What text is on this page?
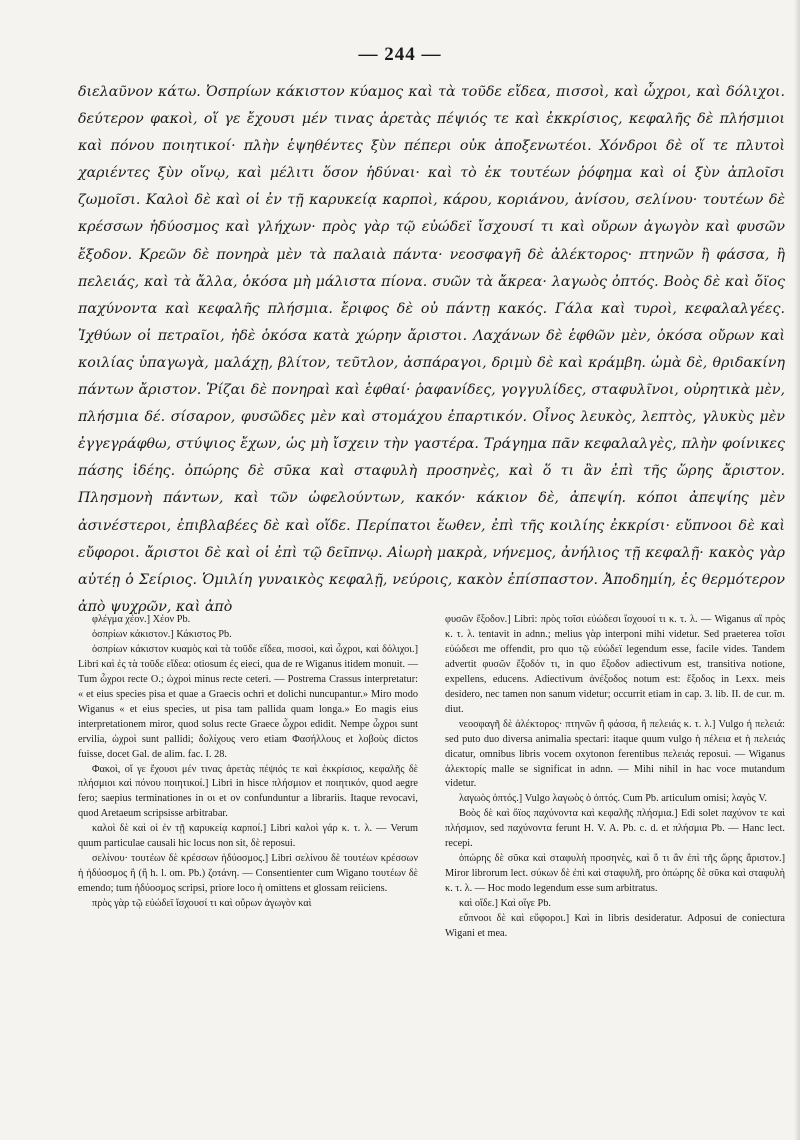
— 244 —

διελαῦνον κάτω. Ὀσπρίων κάκιστον κύαμος καὶ τὰ τοῦδε εἴδεα, πισσοὶ, καὶ ὦχροι, καὶ δόλιχοι. δεύτερον φακοὶ, οἵ γε ἔχουσι μέν τινας ἀρετὰς πέψιός τε καὶ ἐκκρίσιος, κεφαλῆς δὲ πλήσμιοι καὶ πόνου ποιητικοί· πλὴν ἑψηθέντες ξὺν πέπερι οὐκ ἀποξενωτέοι. Χόνδροι δὲ οἵ τε πλυτοὶ χαριέντες ξὺν οἴνῳ, καὶ μέλιτι ὅσον ἡδύναι· καὶ τὸ ἐκ τουτέων ῥόφημα καὶ οἱ ξὺν ἀπλοῖσι ζωμοῖσι. Καλοὶ δὲ καὶ οἱ ἐν τῇ καρυκείᾳ καρποὶ, κάρου, κοριάνου, ἀνίσου, σελίνου· τουτέων δὲ κρέσσων ἡδύοσμος καὶ γλήχων· πρὸς γὰρ τῷ εὐώδεϊ ἴσχουσί τι καὶ οὔρων ἀγωγὸν καὶ φυσῶν ἔξοδον. Κρεῶν δὲ πονηρὰ μὲν τὰ παλαιὰ πάντα· νεοσφαγῆ δὲ ἀλέκτορος· πτηνῶν ἢ φάσσα, ἢ πελειάς, καὶ τὰ ἄλλα, ὁκόσα μὴ μάλιστα πίονα. συῶν τὰ ἄκρεα· λαγωὸς ὀπτός. Βοὸς δὲ καὶ ὄϊος παχύνοντα καὶ κεφαλῆς πλήσμια. ἔριφος δὲ οὐ πάντῃ κακός. Γάλα καὶ τυροὶ, κεφαλαλγέες. Ἰχθύων οἱ πετραῖοι, ἠδὲ ὁκόσα κατὰ χώρην ἄριστοι. Λαχάνων δὲ ἑφθῶν μὲν, ὁκόσα οὔρων καὶ κοιλίας ὑπαγωγὰ, μαλάχῃ, βλίτον, τεῦτλον, ἀσπάραγοι, δριμὺ δὲ καὶ κράμβη. ὠμὰ δὲ, θριδακίνη πάντων ἄριστον. Ῥίζαι δὲ πονηραὶ καὶ ἑφθαί· ῥαφανίδες, γογγυλίδες, σταφυλῖνοι, οὐρητικὰ μὲν, πλήσμια δέ. σίσαρον, φυσῶδες μὲν καὶ στομάχου ἐπαρτικόν. Οἶνος λευκὸς, λεπτὸς, γλυκὺς μὲν ἐγγεγράφθω, στύψιος ἔχων, ὡς μὴ ἴσχειν τὴν γαστέρα. Τράγημα πᾶν κεφαλαλγὲς, πλὴν φοίνικες πάσης ἰδέης. ὀπώρης δὲ σῦκα καὶ σταφυλὴ προσηνὲς, καὶ ὅ τι ἂν ἐπὶ τῆς ὥρης ἄριστον. Πλησμονὴ πάντων, καὶ τῶν ὠφελούντων, κακόν· κάκιον δὲ, ἀπεψίη. κόποι ἀπεψίης μὲν ἀσινέστεροι, ἐπιβλαβέες δὲ καὶ οἵδε. Περίπατοι ἕωθεν, ἐπὶ τῆς κοιλίης ἐκκρίσι· εὔπνοοι δὲ καὶ εὔφοροι. ἄριστοι δὲ καὶ οἱ ἐπὶ τῷ δεῖπνῳ. Αἰωρὴ μακρὰ, νήνεμος, ἀνήλιος τῇ κεφαλῇ· κακὸς γὰρ αὐτέῃ ὁ Σείριος. Ὁμιλίη γυναικὸς κεφαλῇ, νεύροις, κακὸν ἐπίσπαστον. Ἀποδημίη, ἐς θερμότερον ἀπὸ ψυχρῶν, καὶ ἀπὸ

φλέγμα χέον.] Χέον Pb.

ὀσπρίων κάκιστον.] Κάκιστος Pb.

ὀσπρίων κάκιστον κυαμὸς καὶ τὰ τοῦδε εἴδεα, πισσοὶ, καὶ ὦχροι, καὶ δόλιχοι.] Libri καὶ ἐς τὰ τοῦδε εἴδεα: otiosum ἐς eieci, qua de re Wiganus itidem monuit. — Tum ὦχροι recte O.; ὠχροὶ minus recte ceteri. — Postrema Crassus interpretatur: « et eius species pisa et quae a Graecis ochri et dolichi nuncupantur.» Miro modo Wiganus « et eius species, ut pisa tam pallida quam longa.» Eo magis eius interpretationem miror, quod solus recte Graece ὦχροι edidit. Nempe ὦχροι sunt ervilia, ὠχροὶ sunt pallidi; δολίχους vero etiam Φασήλλους et λοβοὺς dictos fuisse, docet Gal. de alim. fac. I. 28.

Φακοὶ, οἵ γε ἔχουσι μέν τινας ἀρετὰς πέψιός τε καὶ ἐκκρίσιος, κεφαλῆς δὲ πλήσμιοι καὶ πόνου ποιητικοί.] Libri in hisce πλήσμιον et ποιητικόν, quod aegre fero; saepius terminationes in οι et ον confunduntur a librariis. Itaque revocavi, quod Aretaeum scripsisse arbitrabar.

καλοὶ δὲ καὶ οἱ ἐν τῇ καρυκείᾳ καρποί.] Libri καλοὶ γάρ κ. τ. λ. — Verum quum particulae causali hic locus non sit, δὲ reposui.

σελίνου· τουτέων δὲ κρέσσων ἡδύοσμος.] Libri σελίνου δὲ τουτέων κρέσσων ἡ ἡδύοσμος ἢ (ἢ h. l. om. Pb.) ζοτάνη. — Consentienter cum Wigano τουτέων δὲ emendo; tum ἡδύοσμος scripsi, priore loco ἡ omittens et glossam reiiciens.

πρὸς γὰρ τῷ εὐώδεϊ ἴσχουσί τι καὶ οὔρων ἀγωγὸν καὶ

φυσῶν ἔξοδον.] Libri: πρὸς τοῖσι εὐώδεσι ἴσχουσί τι κ. τ. λ. — Wiganus αἳ πρὸς κ. τ. λ. tentavit in adnn.; melius γὰρ interponi mihi videtur. Sed praeterea τοῖσι εὐώδεσι me offendit, pro quo τῷ εὐώδεϊ legendum esse, facile vides. Tandem advertit φυσῶν ἔξοδόν τι, in quo ἔξοδον adiectivum est, transitiva notione, expellens, educens. Adiectivum ἀνέξοδος notum est: ἔξοδος in Lexx. meis desidero, nec tamen non sanum videtur; occurrit etiam in cap. 3. lib. II. de cur. m. diut.

νεοσφαγῆ δὲ ἀλέκτορος· πτηνῶν ἢ φάσσα, ἢ πελειάς κ. τ. λ.] Vulgo ἡ πελειά: sed puto duo diversa animalia spectari: itaque quum vulgo ἡ πέλεια et ἡ πελειάς dicatur, omnibus libris vocem oxytonon ferentibus πελειάς reposui. — Wiganus ἀλεκτορίς malle se significat in adnn. — Mihi nihil in hac voce mutandum videtur.

λαγωὸς ὀπτός.] Vulgo λαγωὸς ὁ ὀπτός. Cum Pb. articulum omisi; λαγὸς V.

Βοὸς δὲ καὶ ὄϊος παχύνοντα καὶ κεφαλῆς πλήσμια.] Edi solet παχύνον τε καὶ πλήσμιον, sed παχύνοντα ferunt H. V. A. Pb. c. d. et πλήσμια Pb. — Hanc lect. recepi.

ὀπώρης δὲ σῦκα καὶ σταφυλὴ προσηνὲς, καὶ ὅ τι ἂν ἐπὶ τῆς ὥρης ἄριστον.] Miror librorum lect. σύκων δὲ ἐπὶ καὶ σταφυλῆ, pro ὀπώρης δὲ σῦκα καὶ σταφυλὴ κ. τ. λ. — Hoc modo legendum esse sum arbitratus.

καὶ οἵδε.] Καὶ οἵγε Pb.

εὔπνοοι δὲ καὶ εὔφοροι.] Καὶ in libris desideratur. Adposui de coniectura Wigani et mea.
